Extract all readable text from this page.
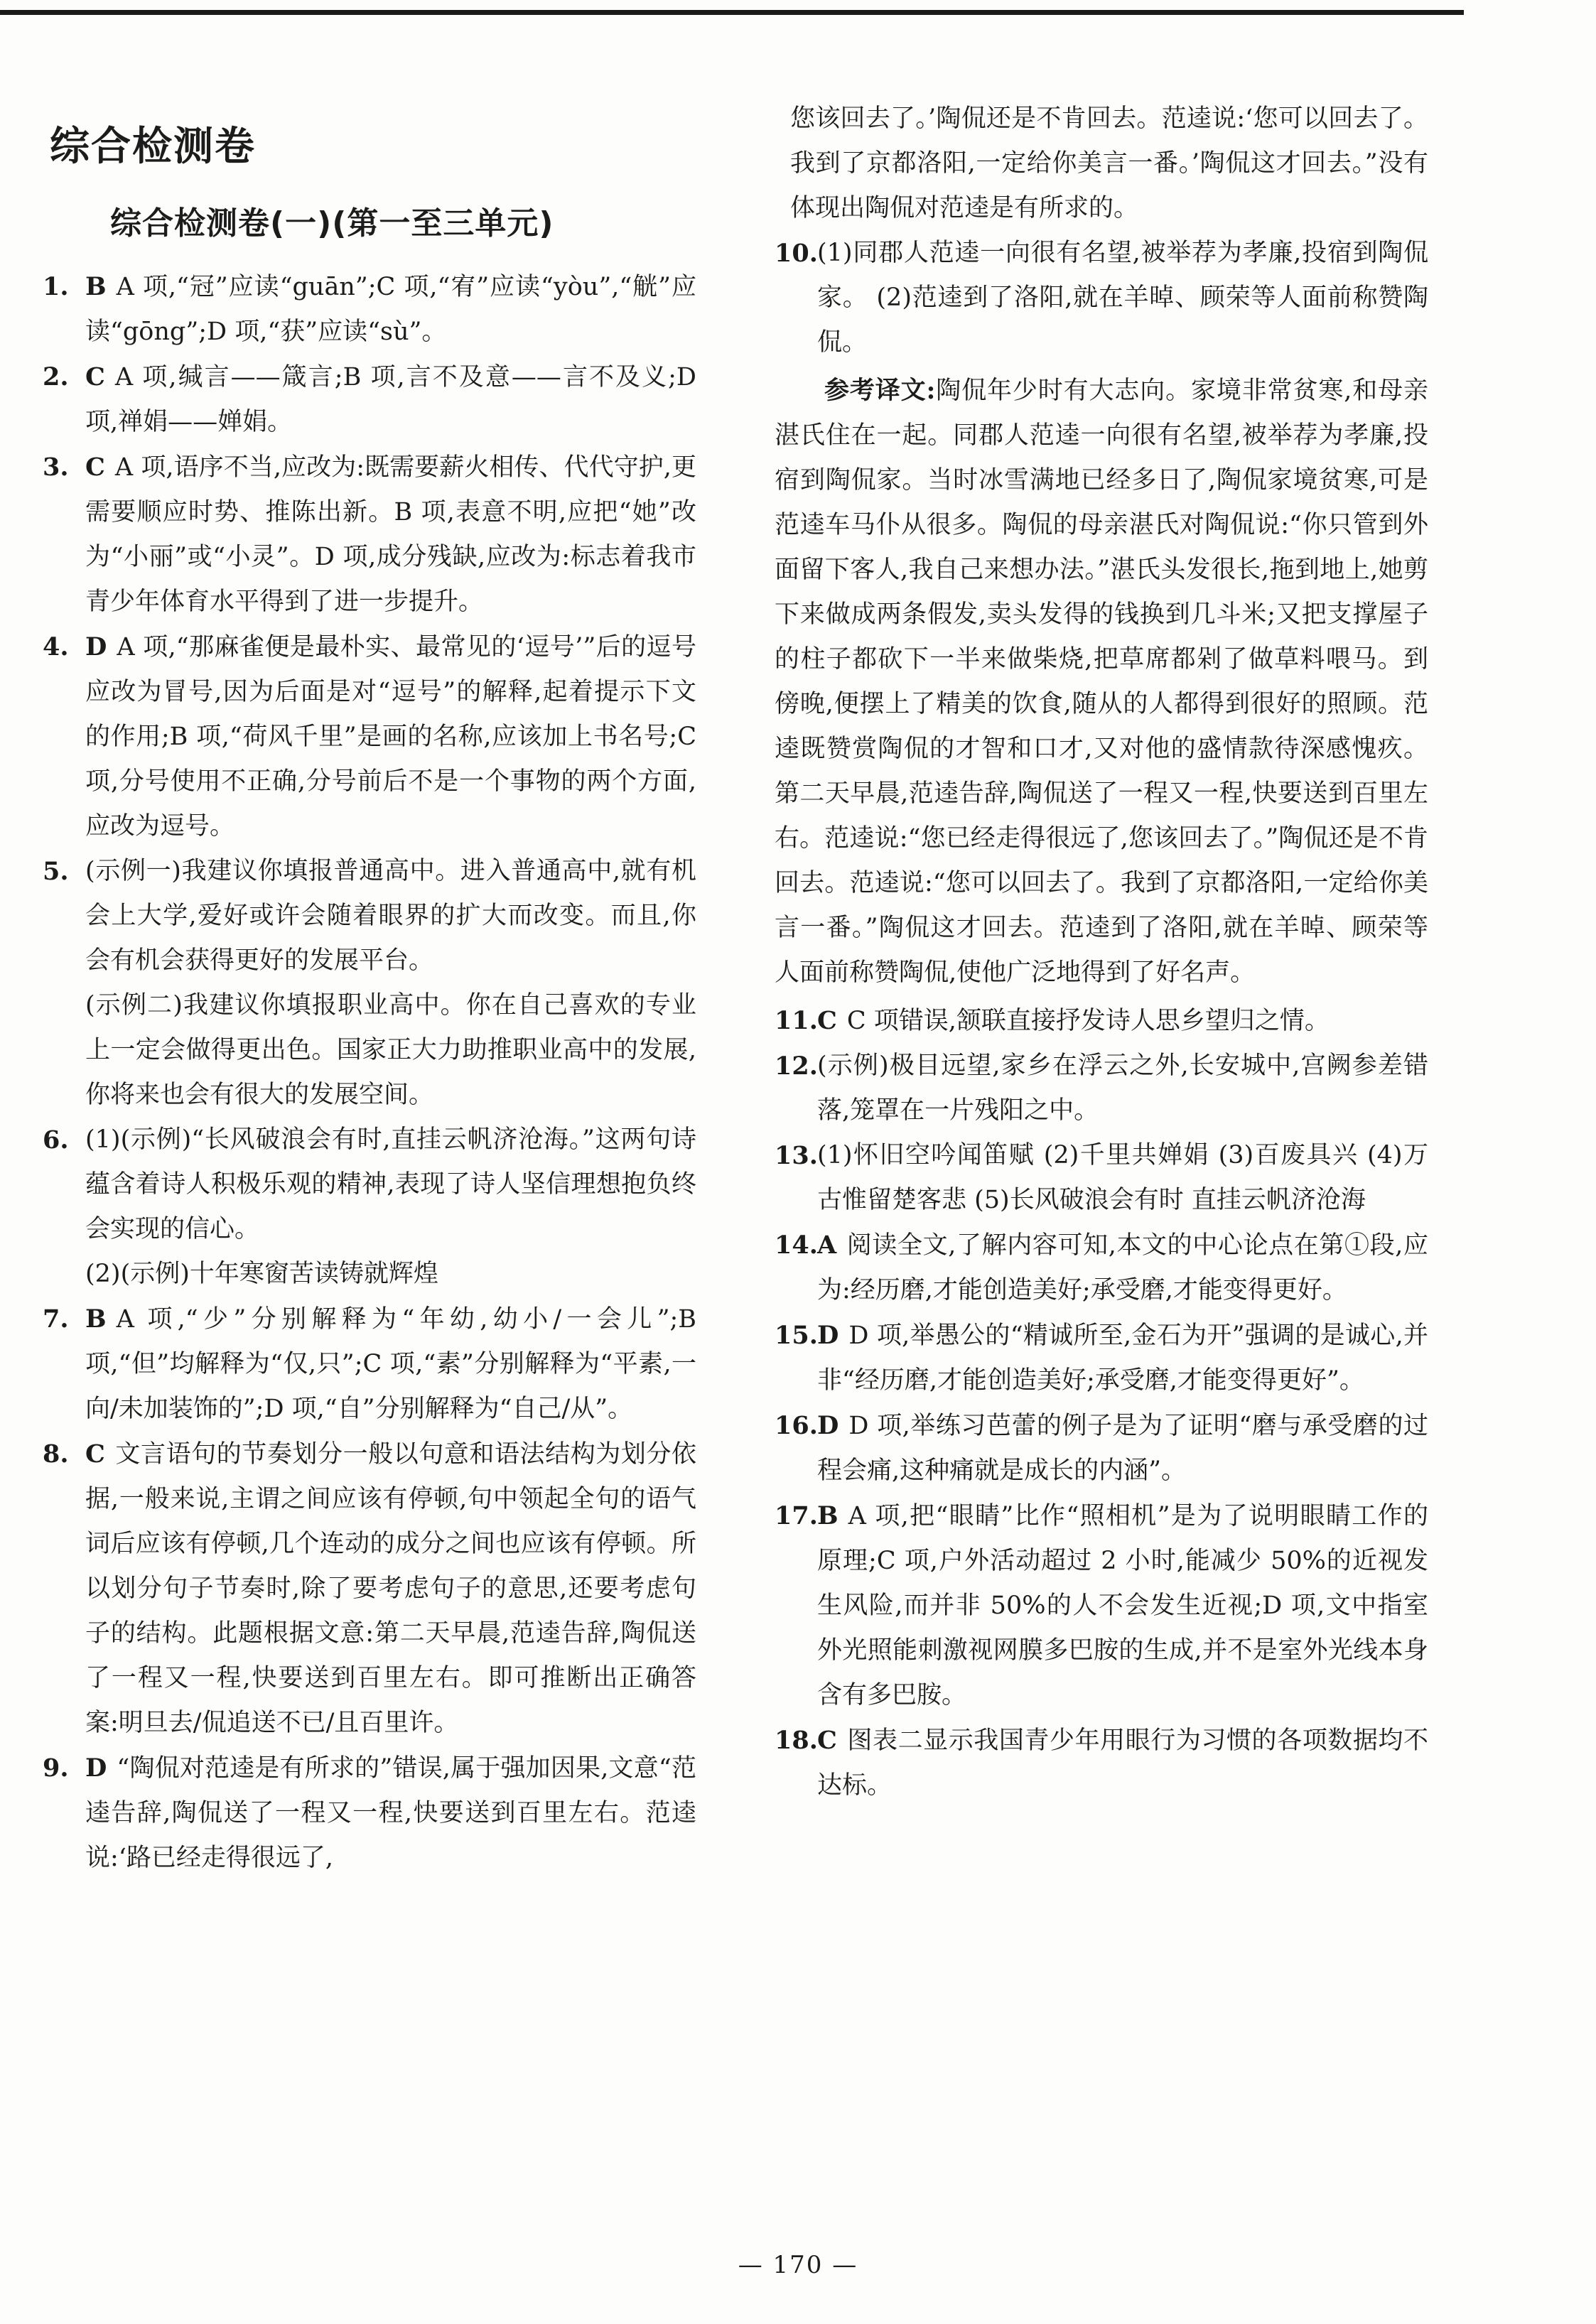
综合检测卷
综合检测卷(一)(第一至三单元)
1. B A 项,“冠”应读“guān”;C 项,“宥”应读“yòu”,“觥”应读“gōng”;D 项,“获”应读“sù”。

2. C A 项,缄言——箴言;B 项,言不及意——言不及义;D 项,禅娟——婵娟。

3. C A 项,语序不当,应改为:既需要薪火相传、代代守护,更需要顺应时势、推陈出新。B 项,表意不明,应把“她”改为“小丽”或“小灵”。D 项,成分残缺,应改为:标志着我市青少年体育水平得到了进一步提升。

4. D A 项,“那麻雀便是最朴实、最常见的‘逗号’”后的逗号应改为冒号,因为后面是对“逗号”的解释,起着提示下文的作用;B 项,“荷风千里”是画的名称,应该加上书名号;C 项,分号使用不正确,分号前后不是一个事物的两个方面,应改为逗号。

5. (示例一)我建议你填报普通高中。进入普通高中,就有机会上大学,爱好或许会随着眼界的扩大而改变。而且,你会有机会获得更好的发展平台。

(示例二)我建议你填报职业高中。你在自己喜欢的专业上一定会做得更出色。国家正大力助推职业高中的发展,你将来也会有很大的发展空间。

6. (1)(示例)“长风破浪会有时,直挂云帆济沧海。”这两句诗蕴含着诗人积极乐观的精神,表现了诗人坚信理想抱负终会实现的信心。

(2)(示例)十年寒窗苦读铸就辉煌

7. B A 项,“少”分别解释为“年幼,幼小/一会儿”;B 项,“但”均解释为“仅,只”;C 项,“素”分别解释为“平素,一向/未加装饰的”;D 项,“自”分别解释为“自己/从”。

8. C 文言语句的节奏划分一般以句意和语法结构为划分依据,一般来说,主谓之间应该有停顿,句中领起全句的语气词后应该有停顿,几个连动的成分之间也应该有停顿。所以划分句子节奏时,除了要考虑句子的意思,还要考虑句子的结构。此题根据文意:第二天早晨,范逵告辞,陶侃送了一程又一程,快要送到百里左右。即可推断出正确答案:明旦去/侃追送不已/且百里许。

9. D “陶侃对范逵是有所求的”错误,属于强加因果,文意“范逵告辞,陶侃送了一程又一程,快要送到百里左右。范逵说:‘路已经走得很远了,

您该回去了。’陶侃还是不肯回去。范逵说:‘您可以回去了。我到了京都洛阳,一定给你美言一番。’陶侃这才回去。”没有体现出陶侃对范逵是有所求的。

10. (1)同郡人范逵一向很有名望,被举荐为孝廉,投宿到陶侃家。 (2)范逵到了洛阳,就在羊晫、顾荣等人面前称赞陶侃。

参考译文:陶侃年少时有大志向。家境非常贫寒,和母亲湛氏住在一起。同郡人范逵一向很有名望,被举荐为孝廉,投宿到陶侃家。当时冰雪满地已经多日了,陶侃家境贫寒,可是范逵车马仆从很多。陶侃的母亲湛氏对陶侃说:“你只管到外面留下客人,我自己来想办法。”湛氏头发很长,拖到地上,她剪下来做成两条假发,卖头发得的钱换到几斗米;又把支撑屋子的柱子都砍下一半来做柴烧,把草席都剁了做草料喂马。到傍晚,便摆上了精美的饮食,随从的人都得到很好的照顾。范逵既赞赏陶侃的才智和口才,又对他的盛情款待深感愧疚。第二天早晨,范逵告辞,陶侃送了一程又一程,快要送到百里左右。范逵说:“您已经走得很远了,您该回去了。”陶侃还是不肯回去。范逵说:“您可以回去了。我到了京都洛阳,一定给你美言一番。”陶侃这才回去。范逵到了洛阳,就在羊晫、顾荣等人面前称赞陶侃,使他广泛地得到了好名声。

11. C C 项错误,颔联直接抒发诗人思乡望归之情。

12. (示例)极目远望,家乡在浮云之外,长安城中,宫阙参差错落,笼罩在一片残阳之中。

13. (1)怀旧空吟闻笛赋 (2)千里共婵娟 (3)百废具兴 (4)万古惟留楚客悲 (5)长风破浪会有时 直挂云帆济沧海

14. A 阅读全文,了解内容可知,本文的中心论点在第①段,应为:经历磨,才能创造美好;承受磨,才能变得更好。

15. D D 项,举愚公的“精诚所至,金石为开”强调的是诚心,并非“经历磨,才能创造美好;承受磨,才能变得更好”。

16. D D 项,举练习芭蕾的例子是为了证明“磨与承受磨的过程会痛,这种痛就是成长的内涵”。

17. B A 项,把“眼睛”比作“照相机”是为了说明眼睛工作的原理;C 项,户外活动超过 2 小时,能减少 50%的近视发生风险,而并非 50%的人不会发生近视;D 项,文中指室外光照能刺激视网膜多巴胺的生成,并不是室外光线本身含有多巴胺。

18. C 图表二显示我国青少年用眼行为习惯的各项数据均不达标。

— 170 —
